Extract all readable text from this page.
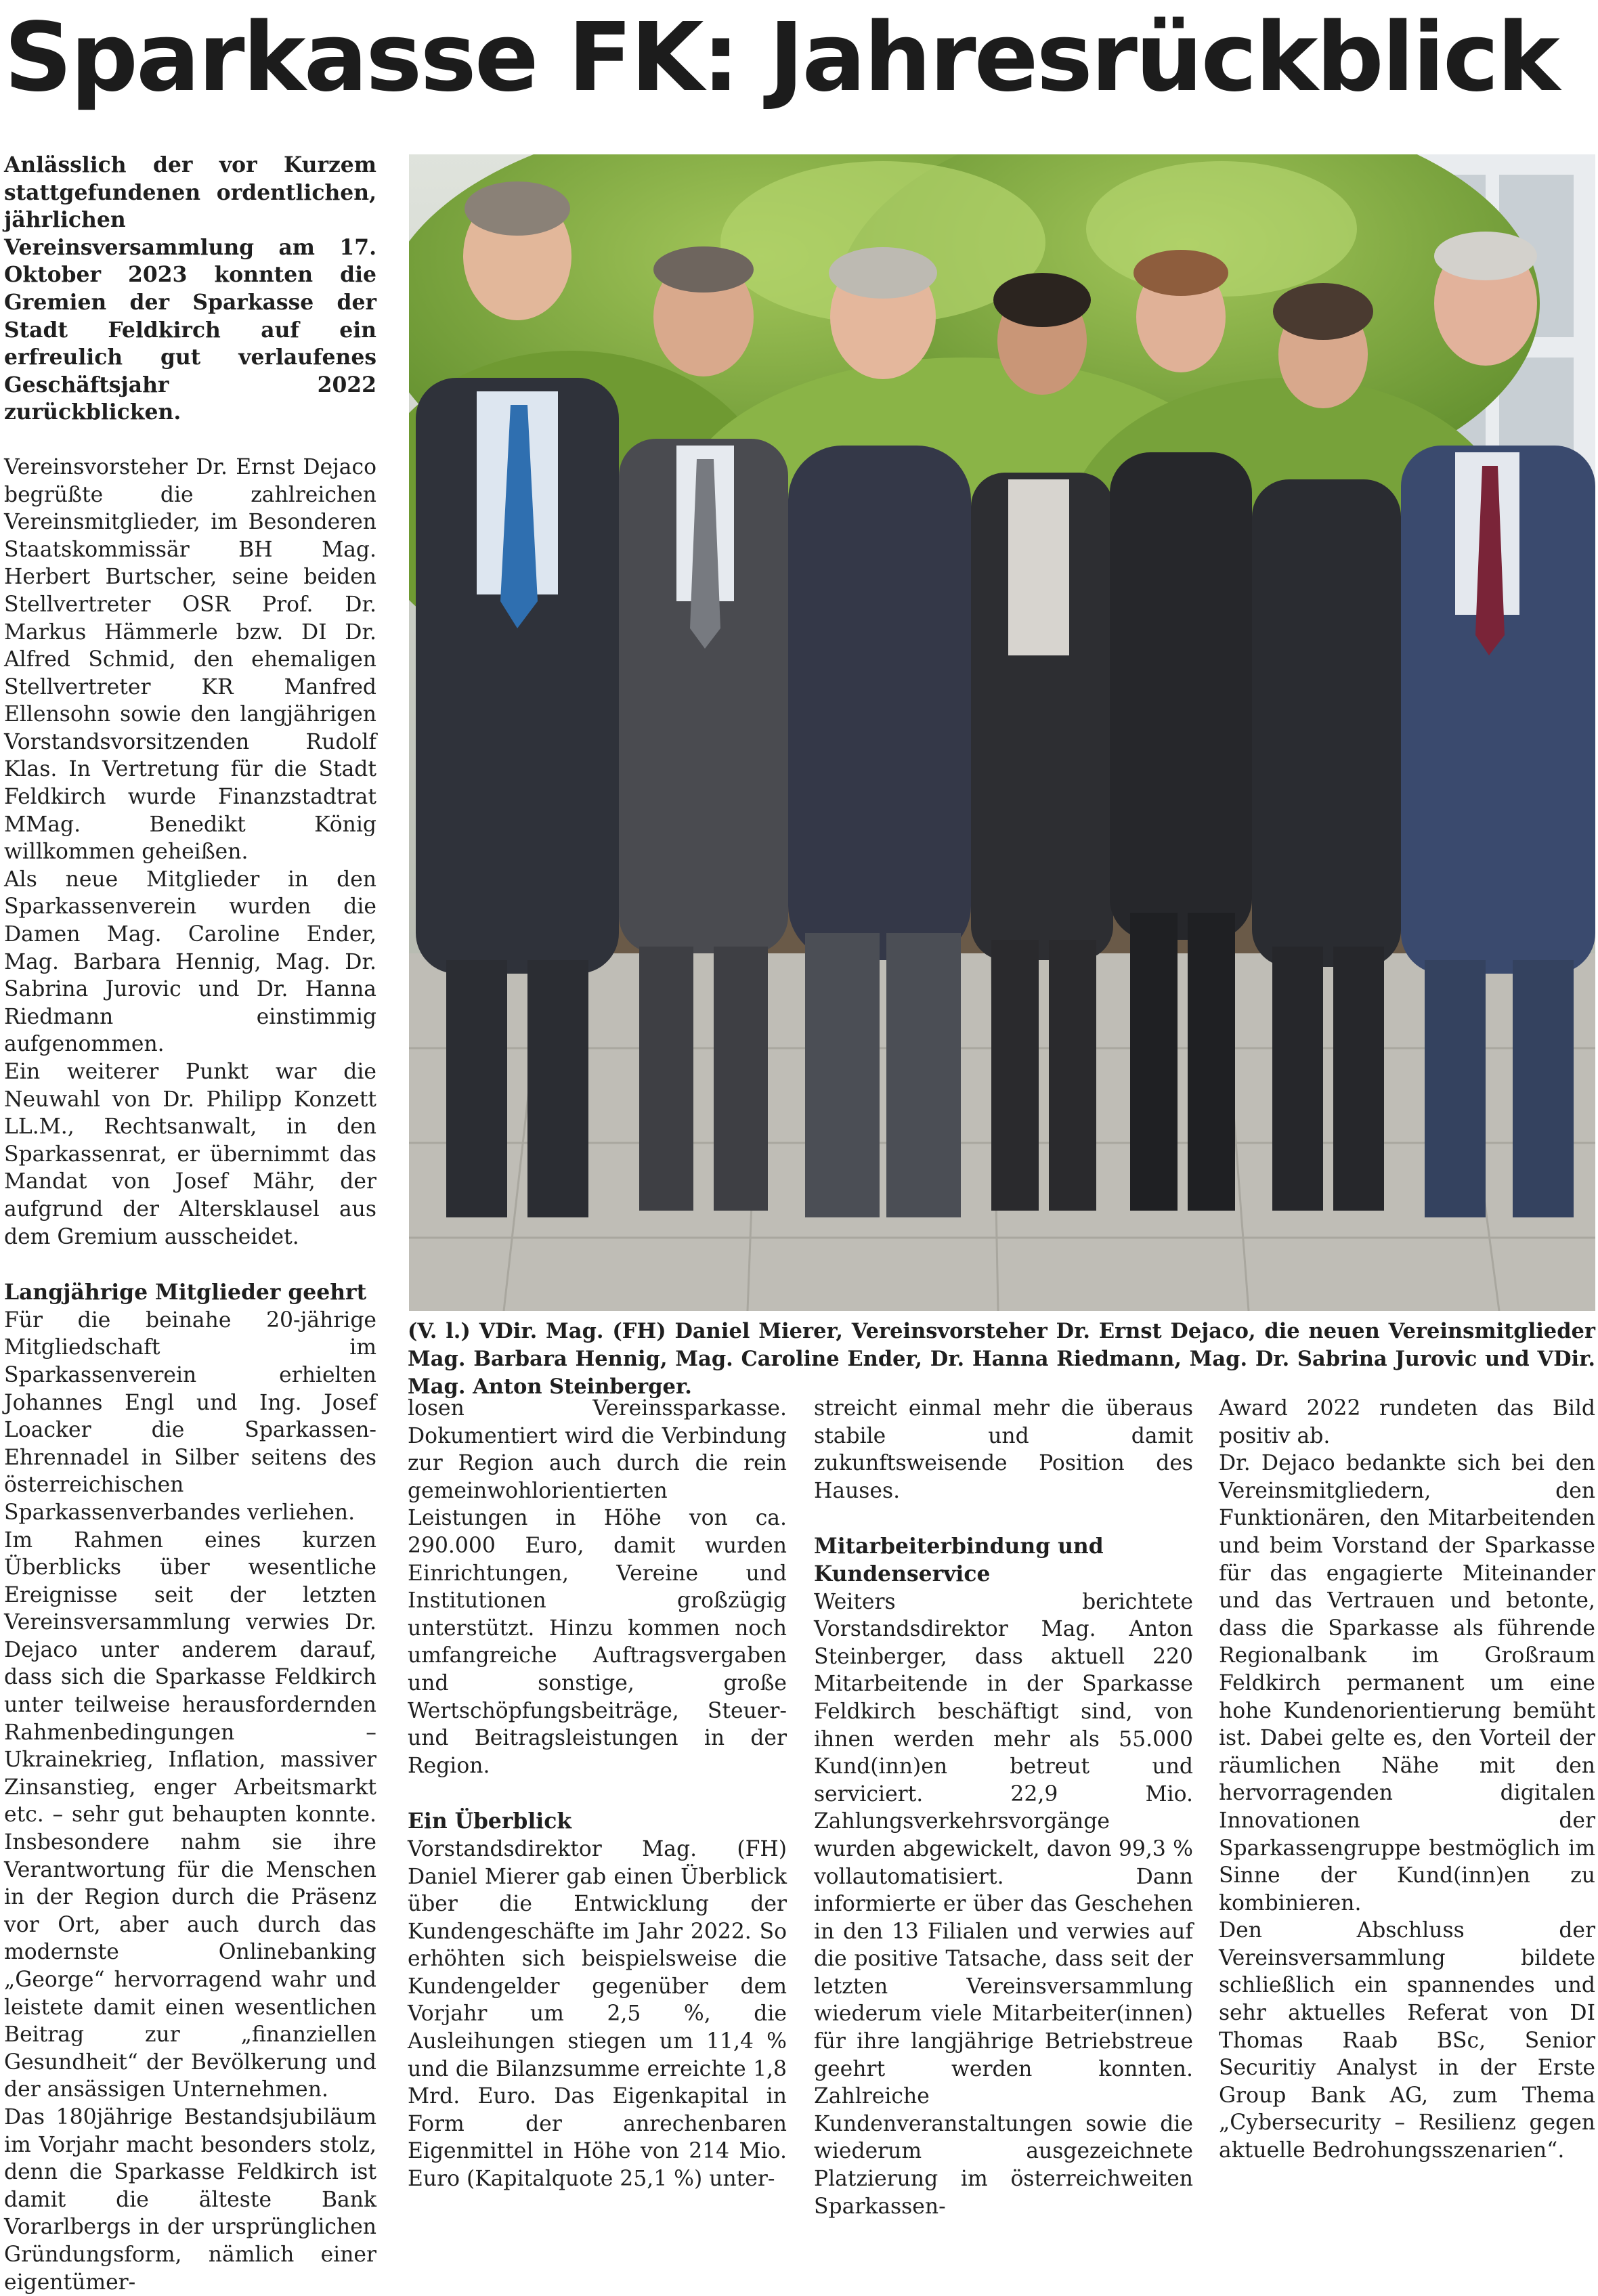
Sparkasse FK: Jahresrückblick

Anlässlich der vor Kurzem stattgefundenen ordentlichen, jährlichen Vereinsversammlung am 17. Oktober 2023 konnten die Gremien der Sparkasse der Stadt Feldkirch auf ein erfreulich gut verlaufenes Geschäftsjahr 2022 zurückblicken.

Vereinsvorsteher Dr. Ernst Dejaco begrüßte die zahlreichen Vereinsmitglieder, im Besonderen Staatskommissär BH Mag. Herbert Burtscher, seine beiden Stellvertreter OSR Prof. Dr. Markus Hämmerle bzw. DI Dr. Alfred Schmid, den ehemaligen Stellvertreter KR Manfred Ellensohn sowie den langjährigen Vorstandsvorsitzenden Rudolf Klas. In Vertretung für die Stadt Feldkirch wurde Finanzstadtrat MMag. Benedikt König willkommen geheißen.

Als neue Mitglieder in den Sparkassenverein wurden die Damen Mag. Caroline Ender, Mag. Barbara Hennig, Mag. Dr. Sabrina Jurovic und Dr. Hanna Riedmann einstimmig aufgenommen.

Ein weiterer Punkt war die Neuwahl von Dr. Philipp Konzett LL.M., Rechtsanwalt, in den Sparkassenrat, er übernimmt das Mandat von Josef Mähr, der aufgrund der Altersklausel aus dem Gremium ausscheidet.

Langjährige Mitglieder geehrt

Für die beinahe 20-jährige Mitgliedschaft im Sparkassenverein erhielten Johannes Engl und Ing. Josef Loacker die Sparkassen-Ehrennadel in Silber seitens des österreichischen Sparkassenverbandes verliehen.

Im Rahmen eines kurzen Überblicks über wesentliche Ereignisse seit der letzten Vereinsversammlung verwies Dr. Dejaco unter anderem darauf, dass sich die Sparkasse Feldkirch unter teilweise herausfordernden Rahmenbedingungen – Ukrainekrieg, Inflation, massiver Zinsanstieg, enger Arbeitsmarkt etc. – sehr gut behaupten konnte. Insbesondere nahm sie ihre Verantwortung für die Menschen in der Region durch die Präsenz vor Ort, aber auch durch das modernste Onlinebanking „George“ hervorragend wahr und leistete damit einen wesentlichen Beitrag zur „finanziellen Gesundheit“ der Bevölkerung und der ansässigen Unternehmen.

Das 180jährige Bestandsjubiläum im Vorjahr macht besonders stolz, denn die Sparkasse Feldkirch ist damit die älteste Bank Vorarlbergs in der ursprünglichen Gründungsform, nämlich einer eigentümer-

(V. l.) VDir. Mag. (FH) Daniel Mierer, Vereinsvorsteher Dr. Ernst Dejaco, die neuen Vereinsmitglieder Mag. Barbara Hennig, Mag. Caroline Ender, Dr. Hanna Riedmann, Mag. Dr. Sabrina Jurovic und VDir. Mag. Anton Steinberger.

losen Vereinssparkasse. Dokumentiert wird die Verbindung zur Region auch durch die rein gemeinwohlorientierten Leistungen in Höhe von ca. 290.000 Euro, damit wurden Einrichtungen, Vereine und Institutionen großzügig unterstützt. Hinzu kommen noch umfangreiche Auftragsvergaben und sonstige, große Wertschöpfungsbeiträge, Steuer- und Beitragsleistungen in der Region.

Ein Überblick

Vorstandsdirektor Mag. (FH) Daniel Mierer gab einen Überblick über die Entwicklung der Kundengeschäfte im Jahr 2022. So erhöhten sich beispielsweise die Kundengelder gegenüber dem Vorjahr um 2,5 %, die Ausleihungen stiegen um 11,4 % und die Bilanzsumme erreichte 1,8 Mrd. Euro. Das Eigenkapital in Form der anrechenbaren Eigenmittel in Höhe von 214 Mio. Euro (Kapitalquote 25,1 %) unter-

streicht einmal mehr die überaus stabile und damit zukunftsweisende Position des Hauses.

Mitarbeiterbindung und Kundenservice

Weiters berichtete Vorstandsdirektor Mag. Anton Steinberger, dass aktuell 220 Mitarbeitende in der Sparkasse Feldkirch beschäftigt sind, von ihnen werden mehr als 55.000 Kund(inn)en betreut und serviciert. 22,9 Mio. Zahlungsverkehrsvorgänge wurden abgewickelt, davon 99,3 % vollautomatisiert. Dann informierte er über das Geschehen in den 13 Filialen und verwies auf die positive Tatsache, dass seit der letzten Vereinsversammlung wiederum viele Mitarbeiter(innen) für ihre langjährige Betriebstreue geehrt werden konnten. Zahlreiche Kundenveranstaltungen sowie die wiederum ausgezeichnete Platzierung im österreichweiten Sparkassen-

Award 2022 rundeten das Bild positiv ab.

Dr. Dejaco bedankte sich bei den Vereinsmitgliedern, den Funktionären, den Mitarbeitenden und beim Vorstand der Sparkasse für das engagierte Miteinander und das Vertrauen und betonte, dass die Sparkasse als führende Regionalbank im Großraum Feldkirch permanent um eine hohe Kundenorientierung bemüht ist. Dabei gelte es, den Vorteil der räumlichen Nähe mit den hervorragenden digitalen Innovationen der Sparkassengruppe bestmöglich im Sinne der Kund(inn)en zu kombinieren.

Den Abschluss der Vereinsversammlung bildete schließlich ein spannendes und sehr aktuelles Referat von DI Thomas Raab BSc, Senior Securitiy Analyst in der Erste Group Bank AG, zum Thema „Cybersecurity – Resilienz gegen aktuelle Bedrohungsszenarien“.
